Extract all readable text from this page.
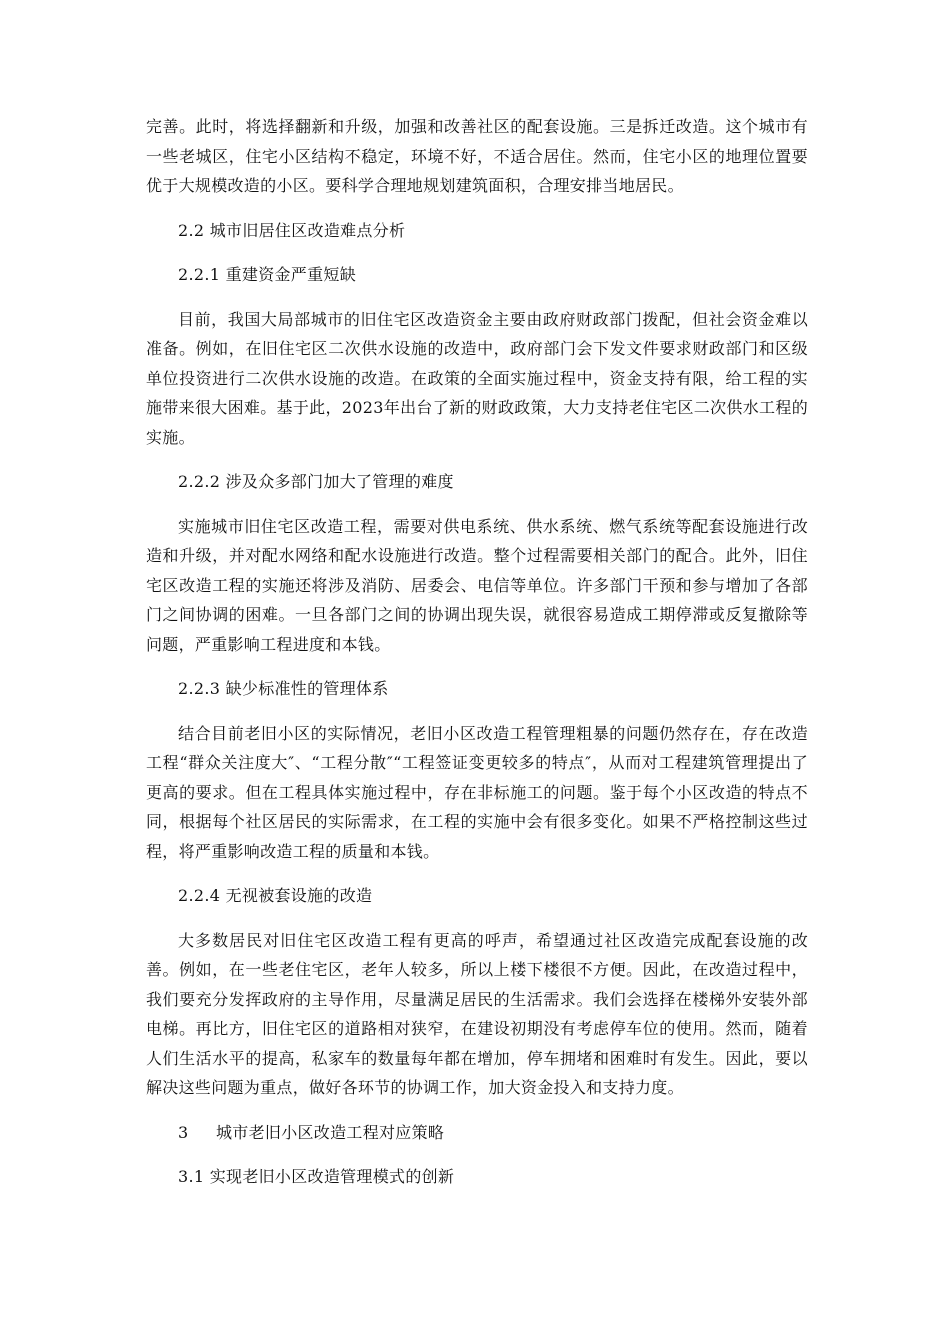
完善。此时，将选择翻新和升级，加强和改善社区的配套设施。三是拆迁改造。这个城市有一些老城区，住宅小区结构不稳定，环境不好，不适合居住。然而，住宅小区的地理位置要优于大规模改造的小区。要科学合理地规划建筑面积，合理安排当地居民。

2.2 城市旧居住区改造难点分析

2.2.1 重建资金严重短缺

目前，我国大局部城市的旧住宅区改造资金主要由政府财政部门拨配，但社会资金难以准备。例如，在旧住宅区二次供水设施的改造中，政府部门会下发文件要求财政部门和区级单位投资进行二次供水设施的改造。在政策的全面实施过程中，资金支持有限，给工程的实施带来很大困难。基于此，2023年出台了新的财政政策，大力支持老住宅区二次供水工程的实施。

2.2.2 涉及众多部门加大了管理的难度

实施城市旧住宅区改造工程，需要对供电系统、供水系统、燃气系统等配套设施进行改造和升级，并对配水网络和配水设施进行改造。整个过程需要相关部门的配合。此外，旧住宅区改造工程的实施还将涉及消防、居委会、电信等单位。许多部门干预和参与增加了各部门之间协调的困难。一旦各部门之间的协调出现失误，就很容易造成工期停滞或反复撤除等问题，严重影响工程进度和本钱。

2.2.3 缺少标准性的管理体系

结合目前老旧小区的实际情况，老旧小区改造工程管理粗暴的问题仍然存在，存在改造工程“群众关注度大″、“工程分散″“工程签证变更较多的特点″，从而对工程建筑管理提出了更高的要求。但在工程具体实施过程中，存在非标施工的问题。鉴于每个小区改造的特点不同，根据每个社区居民的实际需求，在工程的实施中会有很多变化。如果不严格控制这些过程，将严重影响改造工程的质量和本钱。

2.2.4 无视被套设施的改造

大多数居民对旧住宅区改造工程有更高的呼声，希望通过社区改造完成配套设施的改善。例如，在一些老住宅区，老年人较多，所以上楼下楼很不方便。因此，在改造过程中，我们要充分发挥政府的主导作用，尽量满足居民的生活需求。我们会选择在楼梯外安装外部电梯。再比方，旧住宅区的道路相对狭窄，在建设初期没有考虑停车位的使用。然而，随着人们生活水平的提高，私家车的数量每年都在增加，停车拥堵和困难时有发生。因此，要以解决这些问题为重点，做好各环节的协调工作，加大资金投入和支持力度。

3 城市老旧小区改造工程对应策略

3.1 实现老旧小区改造管理模式的创新
